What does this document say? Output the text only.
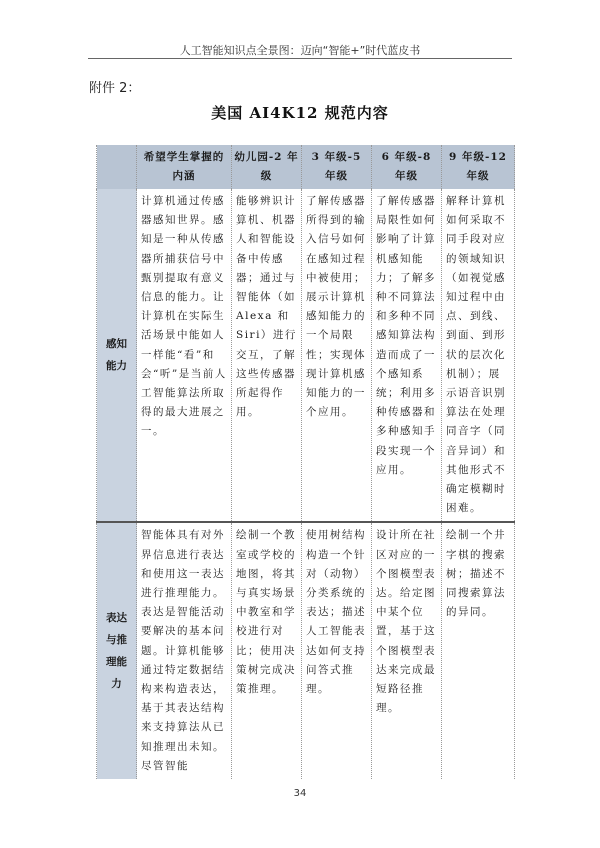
人工智能知识点全景图：迈向“智能+”时代蓝皮书
附件 2：
美国 AI4K12 规范内容
	希望学生掌握的内涵	幼儿园-2 年级	3 年级-5 年级	6 年级-8 年级	9 年级-12 年级
感知能力	计算机通过传感器感知世界。感知是一种从传感器所捕获信号中甄别提取有意义信息的能力。让计算机在实际生活场景中能如人一样能“看”和会“听”是当前人工智能算法所取得的最大进展之一。	能够辨识计算机、机器人和智能设备中传感器；通过与智能体（如 Alexa 和 Siri）进行交互，了解这些传感器所起得作用。	了解传感器所得到的输入信号如何在感知过程中被使用；展示计算机感知能力的一个局限性；实现体现计算机感知能力的一个应用。	了解传感器局限性如何影响了计算机感知能力；了解多种不同算法和多种不同感知算法构造而成了一个感知系统；利用多种传感器和多种感知手段实现一个应用。	解释计算机如何采取不同手段对应的领域知识（如视觉感知过程中由点、到线、到面、到形状的层次化机制）；展示语音识别算法在处理同音字（同音异词）和其他形式不确定模糊时困难。
表达与推理能力	智能体具有对外界信息进行表达和使用这一表达进行推理能力。表达是智能活动要解决的基本问题。计算机能够通过特定数据结构来构造表达，基于其表达结构来支持算法从已知推理出未知。尽管智能	绘制一个教室或学校的地图，将其与真实场景中教室和学校进行对比；使用决策树完成决策推理。	使用树结构构造一个针对（动物）分类系统的表达；描述人工智能表达如何支持问答式推理。	设计所在社区对应的一个图模型表达。给定图中某个位置，基于这个图模型表达来完成最短路径推理。	绘制一个井字棋的搜索树；描述不同搜索算法的异同。
34
